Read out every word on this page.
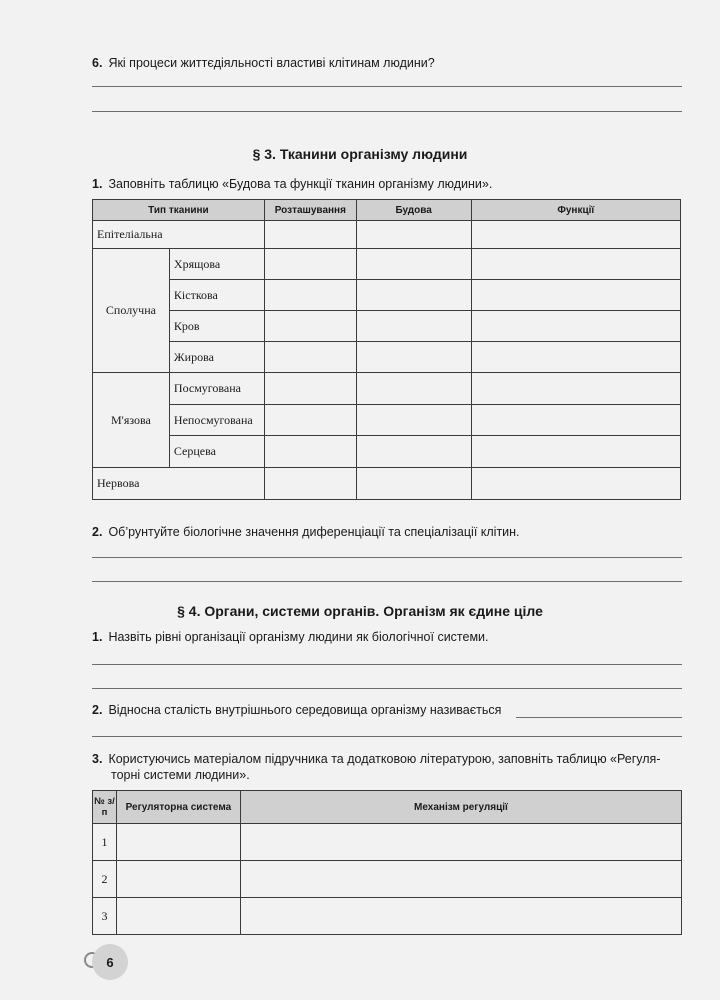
6. Які процеси життєдіяльності властиві клітинам людини?
§ 3. Тканини організму людини
1. Заповніть таблицю «Будова та функції тканин організму людини».
Тип тканини		Розташування	Будова	Функції
Епітеліальна				
Сполучна	Хрящова			
	Кісткова			
	Кров			
	Жирова			
М'язова	Посмугована			
	Непосмугована			
	Серцева			
Нервова				
2. Об’рунтуйте біологічне значення диференціації та спеціалізації клітин.
§ 4. Органи, системи органів. Організм як єдине ціле
1. Назвіть рівні організації організму людини як біологічної системи.
2. Відносна сталість внутрішнього середовища організму називається
3. Користуючись матеріалом підручника та додатковою літературою, заповніть таблицю «Регуля-
торні системи людини».
№ з/п	Регуляторна система	Механізм регуляції
1		
2		
3		
6
